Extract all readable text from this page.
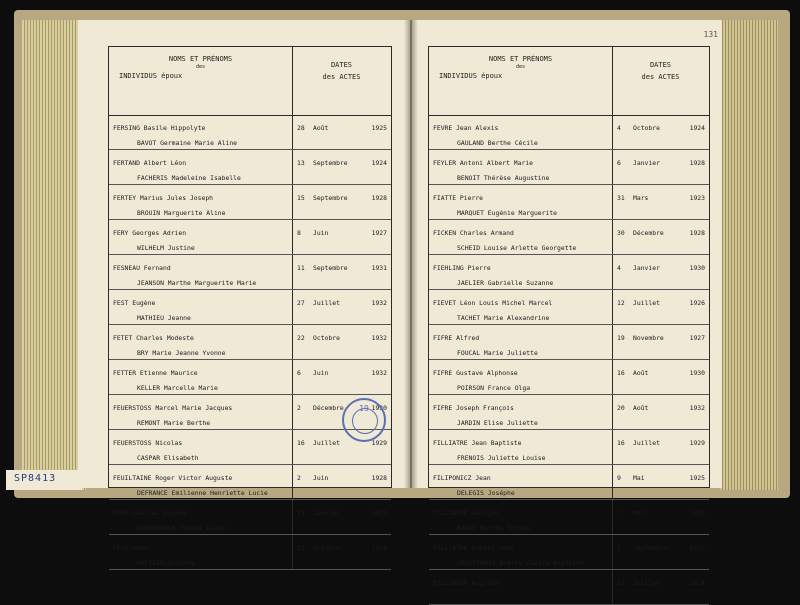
NOMS ET PRÉNOMS
des
INDIVIDUS époux
DATES
des ACTES
FERSING Basile Hippolyte
BAVOT Germaine Marie Aline
28 Août	1925
FERTAND Albert Léon
FACHERIS Madeleine Isabelle
13 Septembre	1924
FERTEY Marius Jules Joseph
BROUIN Marguerite Aline
15 Septembre	1928
FERY Georges Adrien
WILHELM Justine
8 Juin	1927
FESNEAU Fernand
JEANSON Marthe Marguerite Marie
11 Septembre	1931
FEST Eugène
MATHIEU Jeanne
27 Juillet	1932
FETET Charles Modeste
BRY Marie Jeanne Yvonne
22 Octobre	1932
FETTER Etienne Maurice
KELLER Marcelle Marie
6 Juin	1932
FEUERSTOSS Marcel Marie Jacques
REMONT Marie Berthe
2 Décembre	1930
FEUERSTOSS Nicolas
CASPAR Elisabeth
16 Juillet	1929
FEUILTAINE Roger Victor Auguste
DEFRANCE Emilienne Henriette Lucie
2 Juin	1928
FEVE Charles Eugène
RINGENBACH Yvonne Alice
13 Janvier	1923
FEVE René
HELTZEN Suzanne
23 Octobre	1928
131
NOMS ET PRÉNOMS
des
INDIVIDUS époux
DATES
des ACTES
FEVRE Jean Alexis
GAULAND Berthe Cécile
4 Octobre	1924
FEYLER Antoni Albert Marie
BENOIT Thérèse Augustine
6 Janvier	1928
FIATTE Pierre
MARQUET Eugénie Marguerite
31 Mars	1923
FICKEN Charles Armand
SCHEID Louise Arlette Georgette
30 Décembre	1928
FIEHLING Pierre
JAELIER Gabrielle Suzanne
4 Janvier	1930
FIEVET Léon Louis Michel Marcel
TACHET Marie Alexandrine
12 Juillet	1926
FIFRE Alfred
FOUCAL Marie Juliette
19 Novembre	1927
FIFRE Gustave Alphonse
POIRSON France Olga
16 Août	1930
FIFRE Joseph François
JARDIN Elise Juliette
20 Août	1932
FILLIATRE Jean Baptiste
FRENOIS Juliette Louise
16 Juillet	1929
FILIPONICZ Jean
DELEGIS Joséphe
9 Mai	1925
FILLIATRE Georges
BADAR Berthe Emilie
7 Mars	1925
FILLIATRE Robert Jean
GROSPERRIN Andrée Claire Angéline
3 Septembre	1927
FILLINGER Auguste	12 Juillet	1924
19
SP8413
